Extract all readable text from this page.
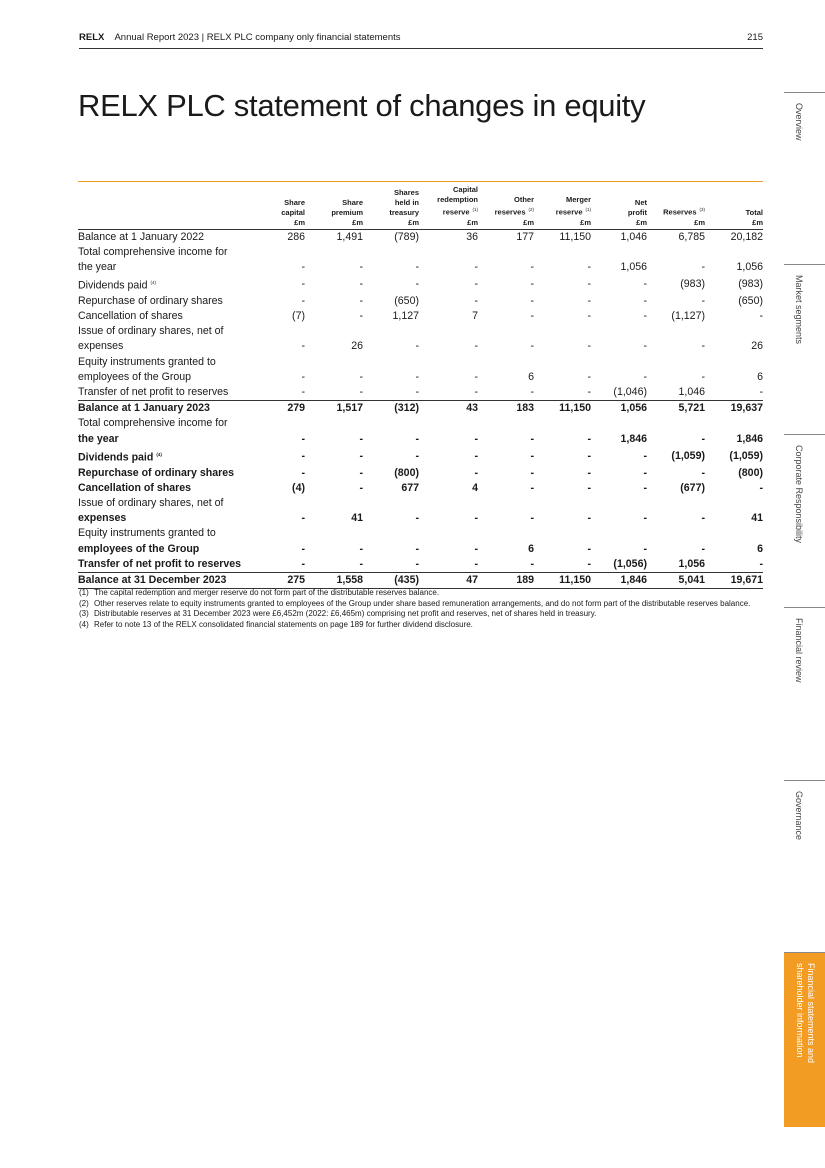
RELX Annual Report 2023 | RELX PLC company only financial statements	215
RELX PLC statement of changes in equity
	Share
capital
£m	Share
premium
£m	Shares
held in
treasury
£m	Capital
redemption
reserve $^{(1)}$
£m	Other
reserves $^{(2)}$
£m	Merger
reserve $^{(1)}$
£m	Net
profit
£m	Reserves $^{(3)}$
£m	Total
£m
Balance at 1 January 2022	286	1,491	(789)	36	177	11,150	1,046	6,785	20,182
Total comprehensive income for									
the year	-	-	-	-	-	-	1,056	-	1,056
Dividends paid $^{(4)}$	-	-	-	-	-	-	-	(983)	(983)
Repurchase of ordinary shares	-	-	(650)	-	-	-	-	-	(650)
Cancellation of shares	(7)	-	1,127	7	-	-	-	(1,127)	-
Issue of ordinary shares, net of									
expenses	-	26	-	-	-	-	-	-	26
Equity instruments granted to									
employees of the Group	-	-	-	-	6	-	-	-	6
Transfer of net profit to reserves	-	-	-	-	-	-	(1,046)	1,046	-
Balance at 1 January 2023	279	1,517	(312)	43	183	11,150	1,056	5,721	19,637
Total comprehensive income for									
the year	-	-	-	-	-	-	1,846	-	1,846
Dividends paid $^{(4)}$	-	-	-	-	-	-	-	(1,059)	(1,059)
Repurchase of ordinary shares	-	-	(800)	-	-	-	-	-	(800)
Cancellation of shares	(4)	-	677	4	-	-	-	(677)	-
Issue of ordinary shares, net of									
expenses	-	41	-	-	-	-	-	-	41
Equity instruments granted to									
employees of the Group	-	-	-	-	6	-	-	-	6
Transfer of net profit to reserves	-	-	-	-	-	-	(1,056)	1,056	-
Balance at 31 December 2023	275	1,558	(435)	47	189	11,150	1,846	5,041	19,671
(1) The capital redemption and merger reserve do not form part of the distributable reserves balance.
(2) Other reserves relate to equity instruments granted to employees of the Group under share based remuneration arrangements, and do not form part of the distributable reserves balance.
(3) Distributable reserves at 31 December 2023 were £6,452m (2022: £6,465m) comprising net profit and reserves, net of shares held in treasury.
(4) Refer to note 13 of the RELX consolidated financial statements on page 189 for further dividend disclosure.
Overview
Market segments
Corporate Responsibility
Financial review
Governance
Financial statements and shareholder information
